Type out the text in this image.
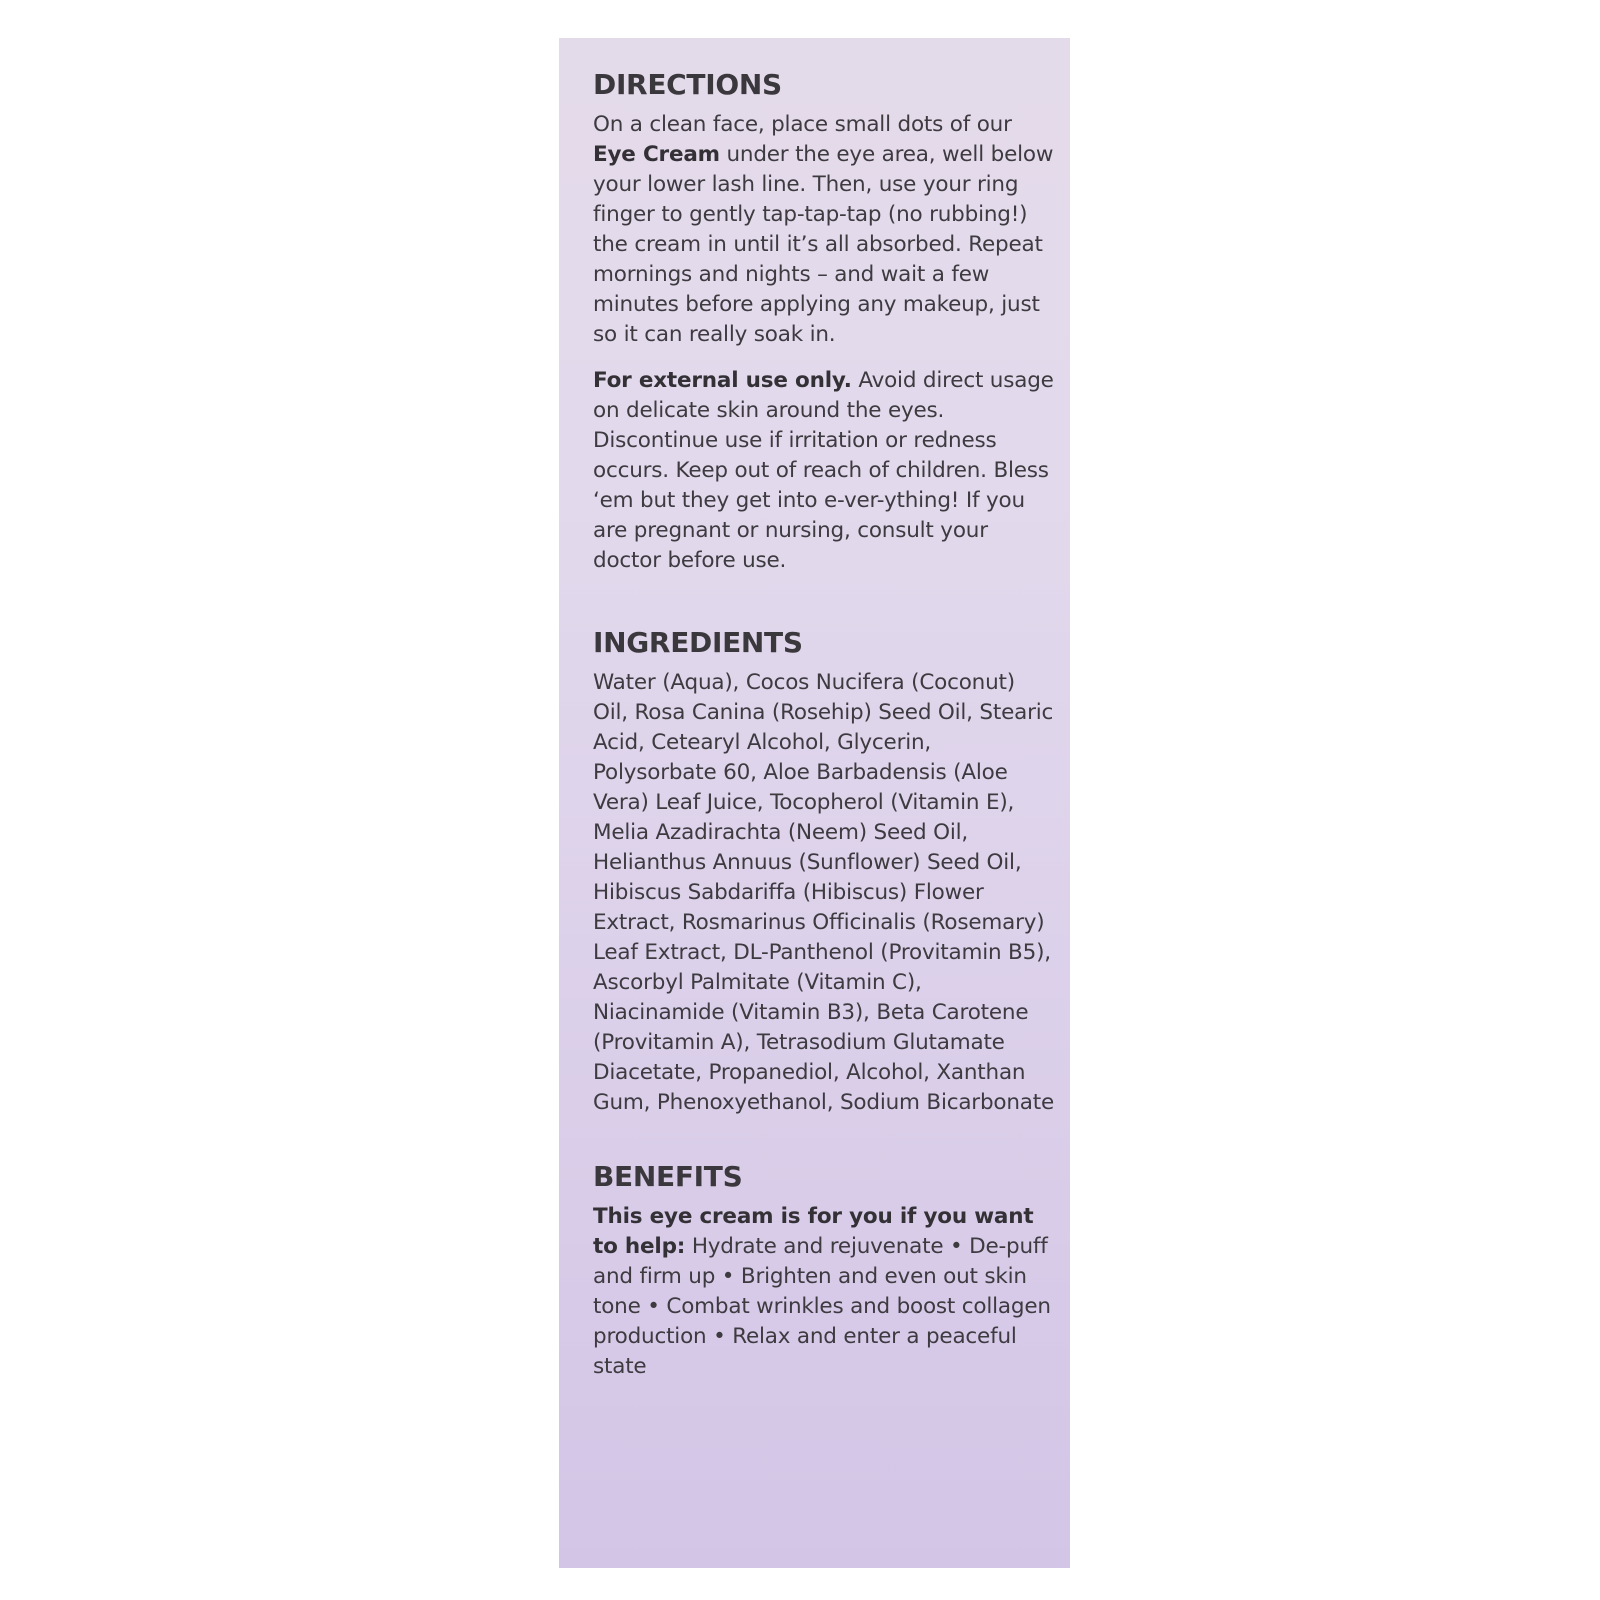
DIRECTIONS

On a clean face, place small dots of our Eye Cream under the eye area, well below your lower lash line. Then, use your ring finger to gently tap-tap-tap (no rubbing!) the cream in until it’s all absorbed. Repeat mornings and nights – and wait a few minutes before applying any makeup, just so it can really soak in.

For external use only. Avoid direct usage on delicate skin around the eyes. Discontinue use if irritation or redness occurs. Keep out of reach of children. Bless ‘em but they get into e-ver-ything! If you are pregnant or nursing, consult your doctor before use.

INGREDIENTS

Water (Aqua), Cocos Nucifera (Coconut) Oil, Rosa Canina (Rosehip) Seed Oil, Stearic Acid, Cetearyl Alcohol, Glycerin, Polysorbate 60, Aloe Barbadensis (Aloe Vera) Leaf Juice, Tocopherol (Vitamin E), Melia Azadirachta (Neem) Seed Oil, Helianthus Annuus (Sunflower) Seed Oil, Hibiscus Sabdariffa (Hibiscus) Flower Extract, Rosmarinus Officinalis (Rosemary) Leaf Extract, DL-Panthenol (Provitamin B5), Ascorbyl Palmitate (Vitamin C), Niacinamide (Vitamin B3), Beta Carotene (Provitamin A), Tetrasodium Glutamate Diacetate, Propanediol, Alcohol, Xanthan Gum, Phenoxyethanol, Sodium Bicarbonate

BENEFITS

This eye cream is for you if you want to help: Hydrate and rejuvenate • De-puff and firm up • Brighten and even out skin tone • Combat wrinkles and boost collagen production • Relax and enter a peaceful state
